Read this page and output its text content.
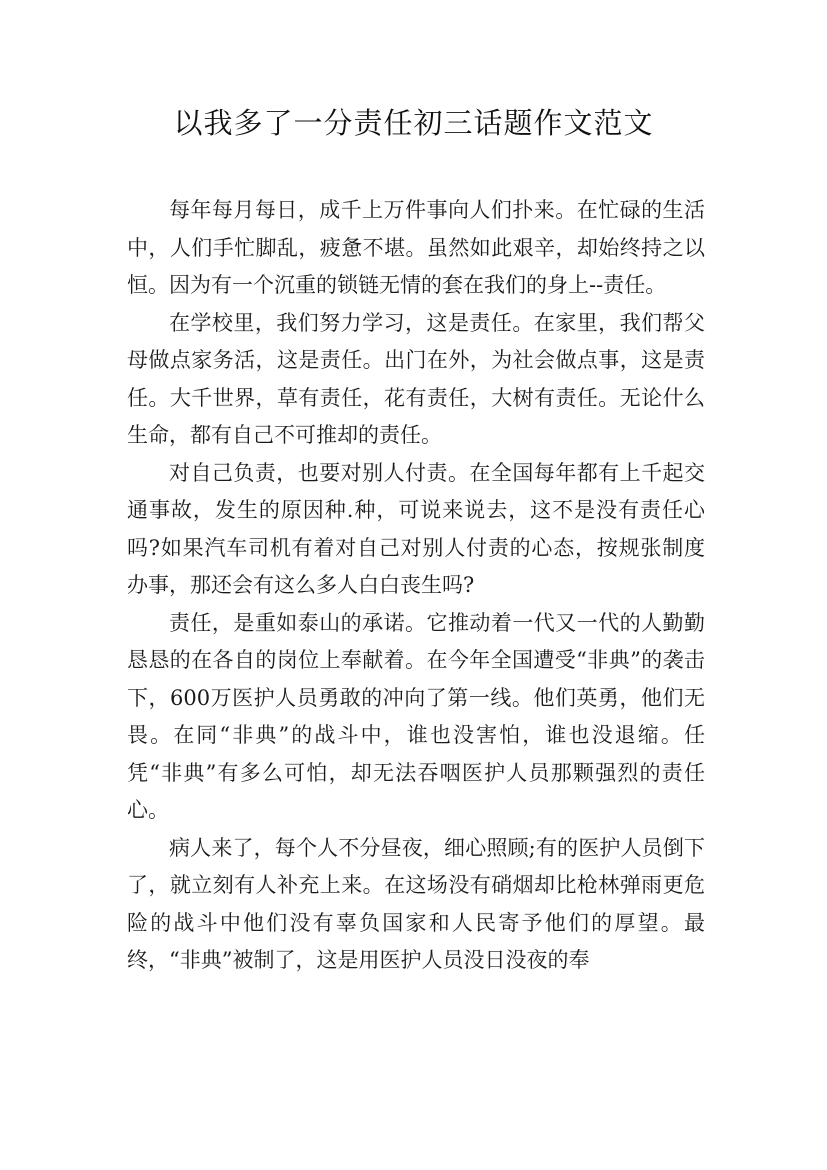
以我多了一分责任初三话题作文范文

每年每月每日，成千上万件事向人们扑来。在忙碌的生活中，人们手忙脚乱，疲惫不堪。虽然如此艰辛，却始终持之以恒。因为有一个沉重的锁链无情的套在我们的身上--责任。

在学校里，我们努力学习，这是责任。在家里，我们帮父母做点家务活，这是责任。出门在外，为社会做点事，这是责任。大千世界，草有责任，花有责任，大树有责任。无论什么生命，都有自己不可推却的责任。

对自己负责，也要对别人付责。在全国每年都有上千起交通事故，发生的原因种.种，可说来说去，这不是没有责任心吗?如果汽车司机有着对自己对别人付责的心态，按规张制度办事，那还会有这么多人白白丧生吗?

责任，是重如泰山的承诺。它推动着一代又一代的人勤勤恳恳的在各自的岗位上奉献着。在今年全国遭受“非典”的袭击下，600万医护人员勇敢的冲向了第一线。他们英勇，他们无畏。在同“非典”的战斗中，谁也没害怕，谁也没退缩。任凭“非典”有多么可怕，却无法吞咽医护人员那颗强烈的责任心。

病人来了，每个人不分昼夜，细心照顾;有的医护人员倒下了，就立刻有人补充上来。在这场没有硝烟却比枪林弹雨更危险的战斗中他们没有辜负国家和人民寄予他们的厚望。最终，“非典”被制了，这是用医护人员没日没夜的奉
